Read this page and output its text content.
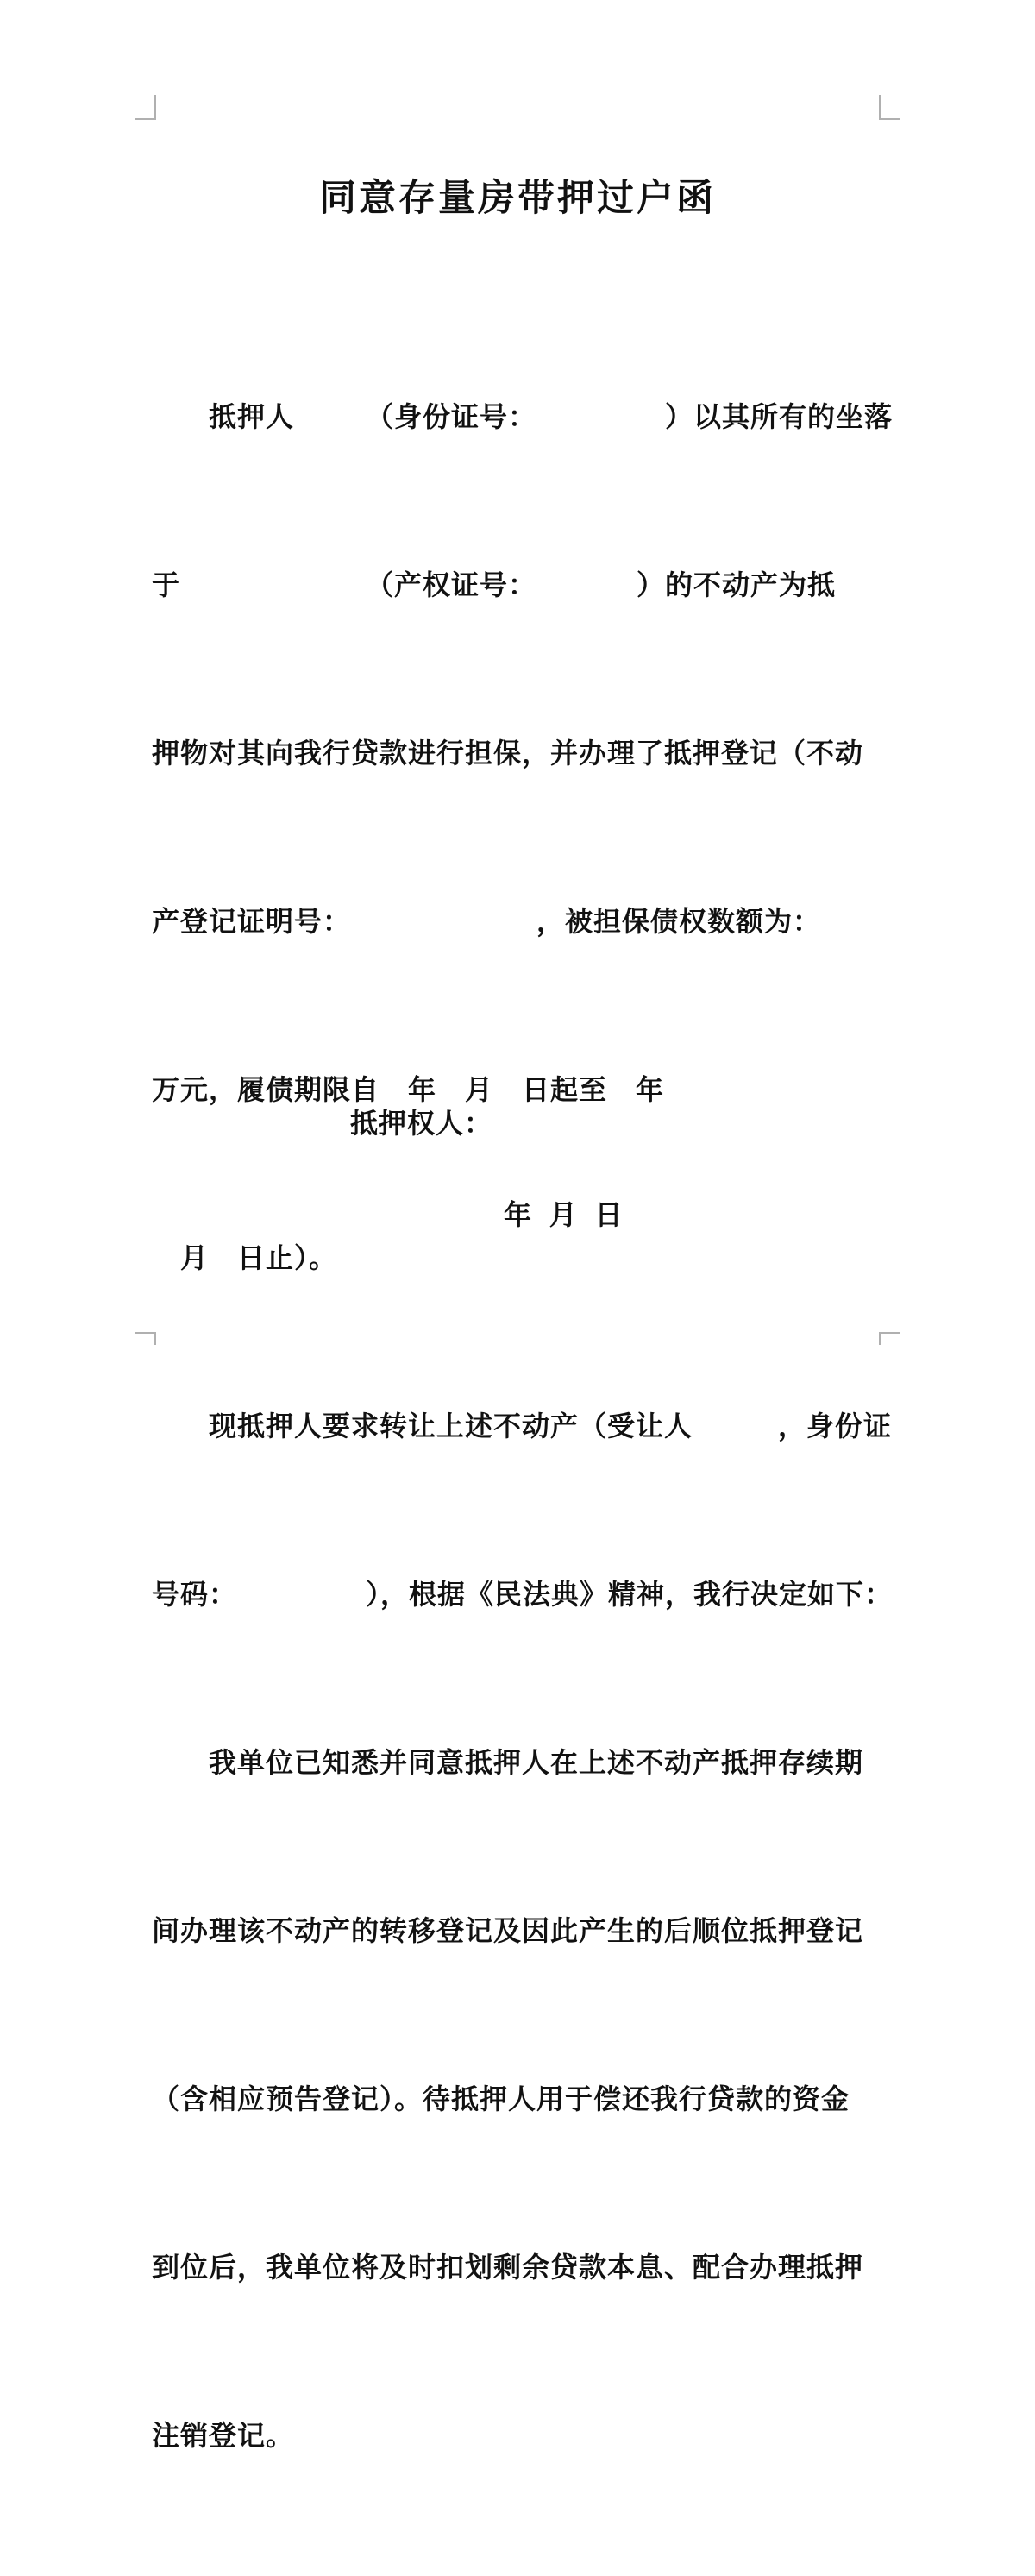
同意存量房带押过户函

　　抵押人　　　（身份证号：　　　　　）以其所有的坐落

于　　　　　　　（产权证号：　　　　）的不动产为抵

押物对其向我行贷款进行担保，并办理了抵押登记（不动

产登记证明号：　　　　　　　，被担保债权数额为：

万元，履债期限自　年　月　日起至　年

　月　日止）。

　　现抵押人要求转让上述不动产（受让人　　　，身份证

号码：　　　　　），根据《民法典》精神，我行决定如下：

　　我单位已知悉并同意抵押人在上述不动产抵押存续期

间办理该不动产的转移登记及因此产生的后顺位抵押登记

（含相应预告登记）。待抵押人用于偿还我行贷款的资金

到位后，我单位将及时扣划剩余贷款本息、配合办理抵押

注销登记。

抵押权人：
年  月  日
